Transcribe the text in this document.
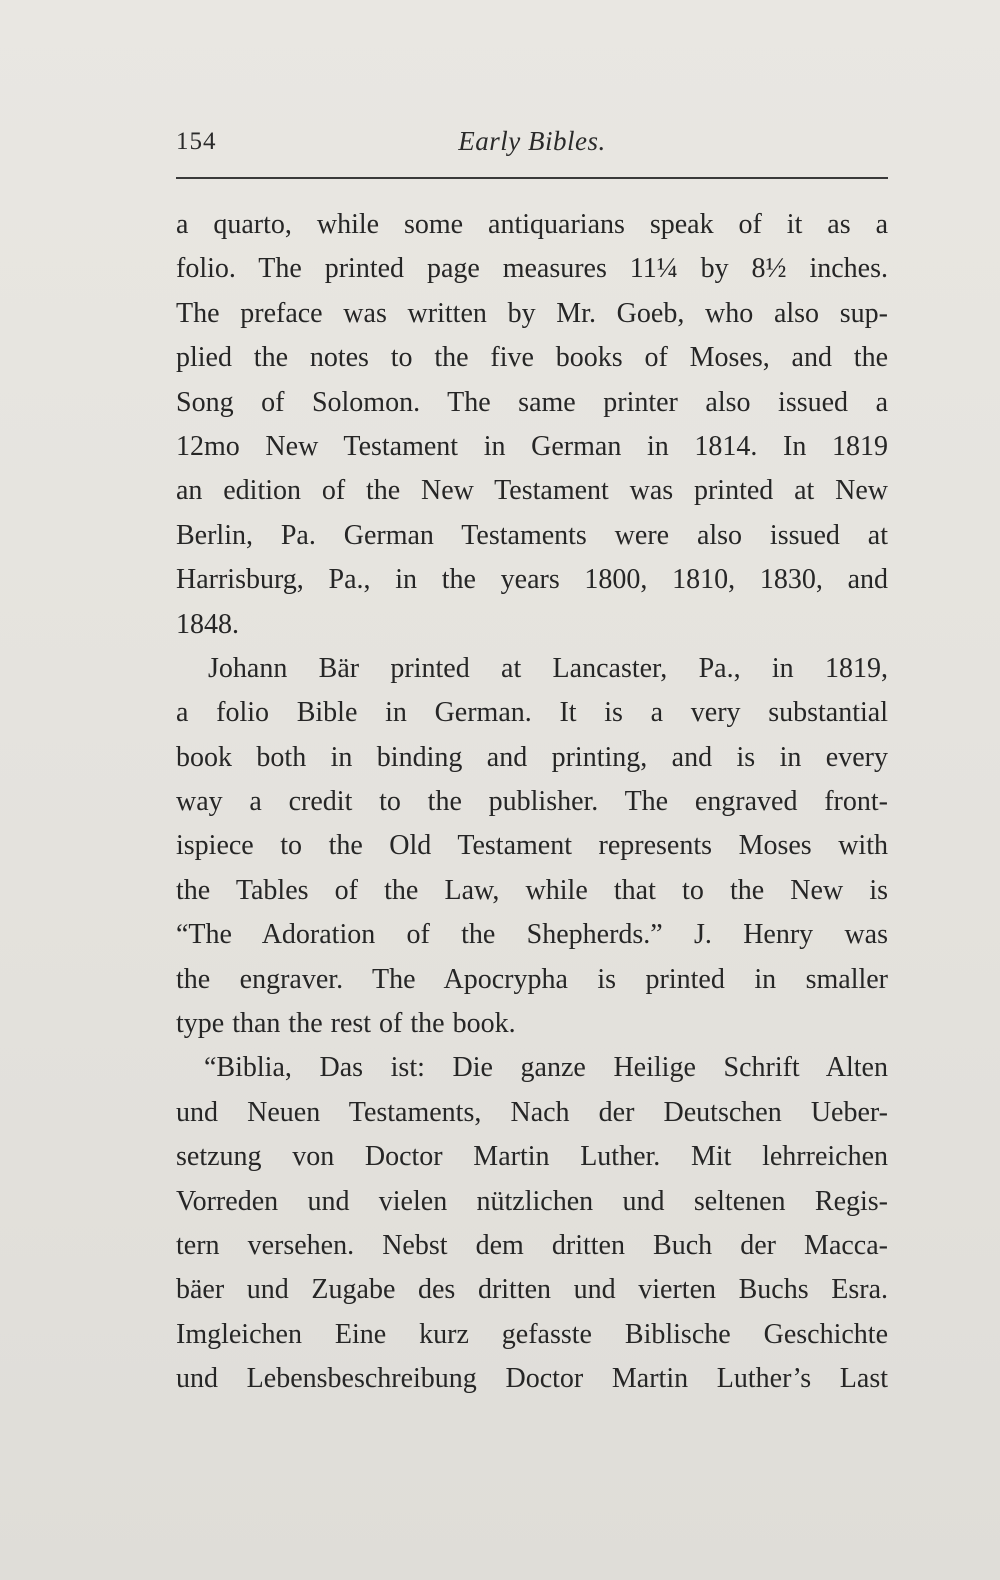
154	Early Bibles.
a quarto, while some antiquarians speak of it as a
folio. The printed page measures 11¼ by 8½ inches.
The preface was written by Mr. Goeb, who also sup-
plied the notes to the five books of Moses, and the
Song of Solomon. The same printer also issued a
12mo New Testament in German in 1814. In 1819
an edition of the New Testament was printed at New
Berlin, Pa. German Testaments were also issued at
Harrisburg, Pa., in the years 1800, 1810, 1830, and
1848.
Johann Bär printed at Lancaster, Pa., in 1819,
a folio Bible in German. It is a very substantial
book both in binding and printing, and is in every
way a credit to the publisher. The engraved front-
ispiece to the Old Testament represents Moses with
the Tables of the Law, while that to the New is
“The Adoration of the Shepherds.” J. Henry was
the engraver. The Apocrypha is printed in smaller
type than the rest of the book.
“Biblia, Das ist: Die ganze Heilige Schrift Alten
und Neuen Testaments, Nach der Deutschen Ueber-
setzung von Doctor Martin Luther. Mit lehrreichen
Vorreden und vielen nützlichen und seltenen Regis-
tern versehen. Nebst dem dritten Buch der Macca-
bäer und Zugabe des dritten und vierten Buchs Esra.
Imgleichen Eine kurz gefasste Biblische Geschichte
und Lebensbeschreibung Doctor Martin Luther’s Last
